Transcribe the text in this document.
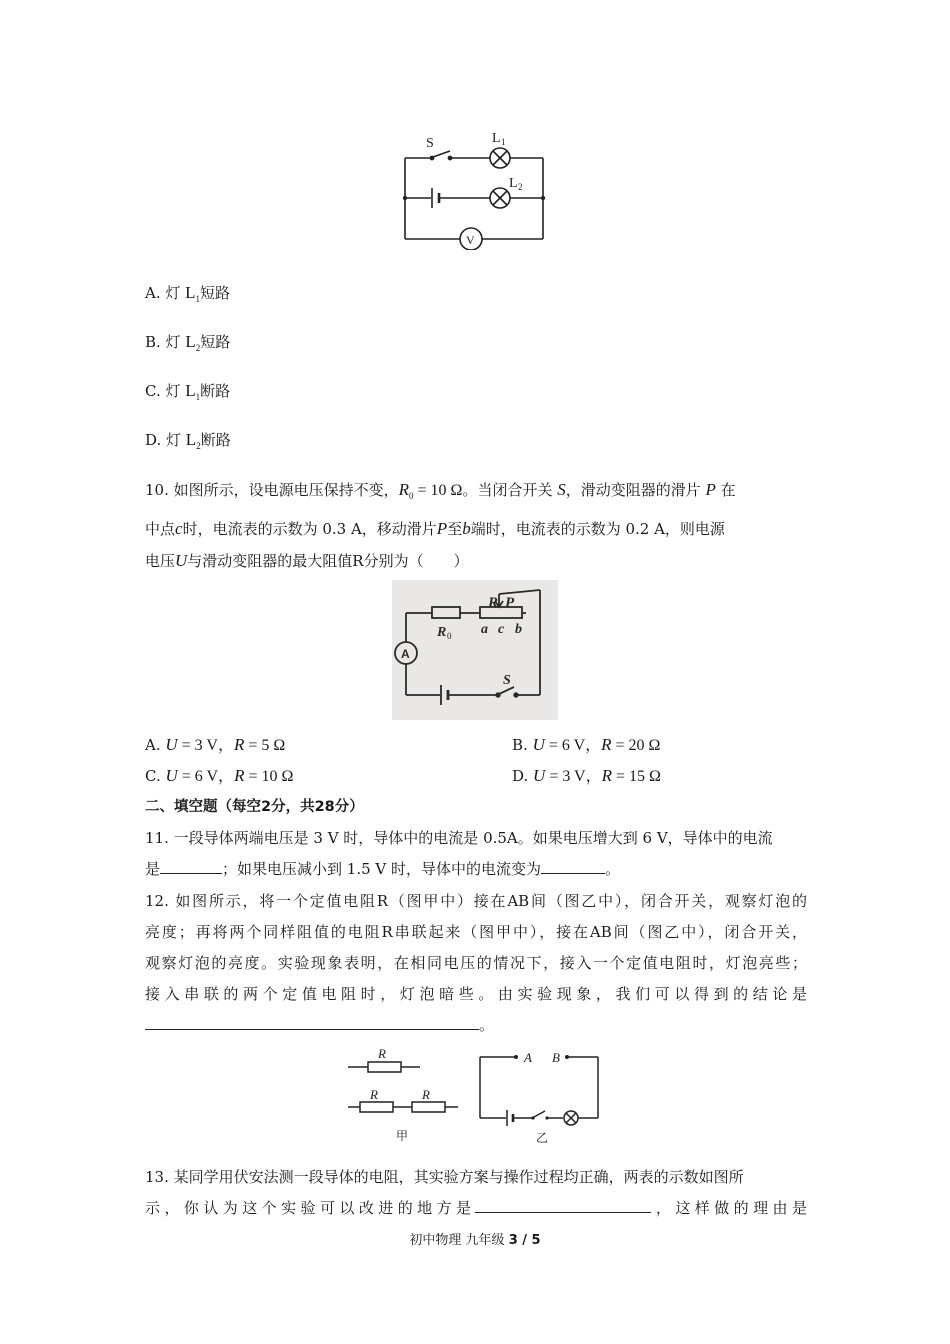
S	L 1
L 2
V
A. 灯 $L_1$短路
B. 灯 $L_2$短路
C. 灯 $L_1$断路
D. 灯 $L_2$断路
10. 如图所示，设电源电压保持不变，$R_0 = 10$ Ω。当闭合开关 S，滑动变阻器的滑片 P 在
中点c时，电流表的示数为 0.3 A，移动滑片P至b端时，电流表的示数为 0.2 A，则电源
电压U与滑动变阻器的最大阻值R分别为（　　）
R P
R 0 a c b
A
S
A. U = 3 V，R = 5 Ω	B. U = 6 V，R = 20 Ω
C. U = 6 V，R = 10 Ω	D. U = 3 V，R = 15 Ω
二、填空题（每空2分，共28分）
11. 一段导体两端电压是 3 V 时，导体中的电流是 0.5A。如果电压增大到 6 V，导体中的电流
是	；如果电压减小到 1.5 V 时，导体中的电流变为	。
12. 如图所示，将一个定值电阻R（图甲中）接在AB间（图乙中），闭合开关，观察灯泡的
亮度；再将两个同样阻值的电阻R串联起来（图甲中），接在AB间（图乙中），闭合开关，
观察灯泡的亮度。实验现象表明，在相同电压的情况下，接入一个定值电阻时，灯泡亮些；
接入串联的两个定值电阻时，灯泡暗些。由实验现象，我们可以得到的结论是
。
R
R	R
甲
A B
乙
13. 某同学用伏安法测一段导体的电阻，其实验方案与操作过程均正确，两表的示数如图所
示，你认为这个实验可以改进的地方是	，这样做的理由是
初中物理 九年级 3 / 5
